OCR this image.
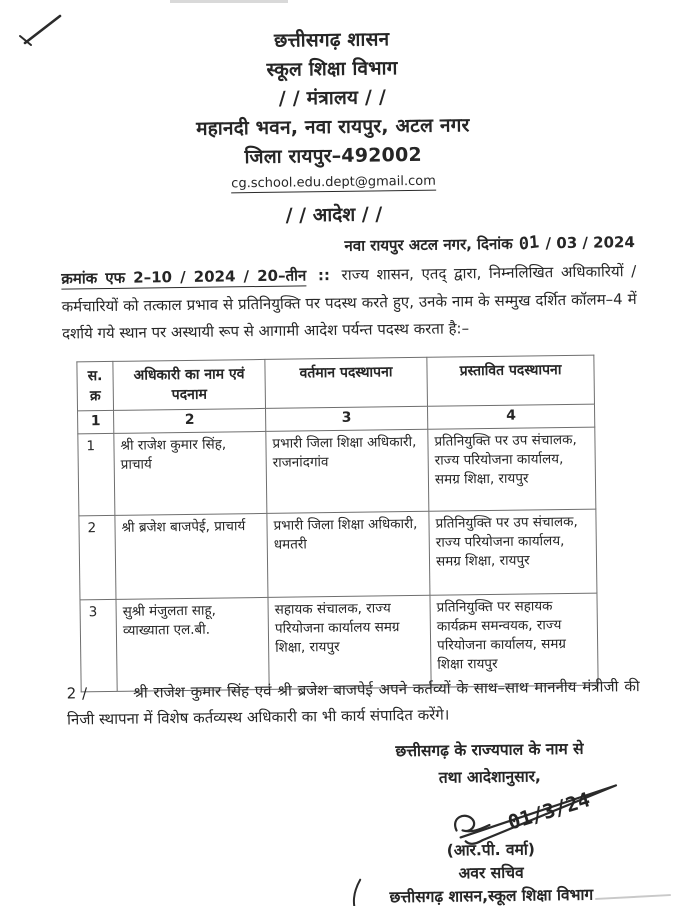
छत्तीसगढ़ शासन
स्कूल शिक्षा विभाग
/ / मंत्रालय / /
महानदी भवन, नवा रायपुर, अटल नगर
जिला रायपुर–492002
cg.school.edu.dept@gmail.com
/ / आदेश / /
नवा रायपुर अटल नगर, दिनांक 01 / 03 / 2024

क्रमांक एफ 2–10 / 2024 / 20–तीन :: राज्य शासन, एतद् द्वारा, निम्नलिखित अधिकारियों / कर्मचारियों को तत्काल प्रभाव से प्रतिनियुक्ति पर पदस्थ करते हुए, उनके नाम के सम्मुख दर्शित कॉलम–4 में दर्शाये गये स्थान पर अस्थायी रूप से आगामी आदेश पर्यन्त पदस्थ करता है:–

स. क्र	अधिकारी का नाम एवं पदनाम	वर्तमान पदस्थापना	प्रस्तावित पदस्थापना
1	2	3	4
1	श्री राजेश कुमार सिंह, प्राचार्य	प्रभारी जिला शिक्षा अधिकारी, राजनांदगांव	प्रतिनियुक्ति पर उप संचालक, राज्य परियोजना कार्यालय, समग्र शिक्षा, रायपुर
2	श्री ब्रजेश बाजपेई, प्राचार्य	प्रभारी जिला शिक्षा अधिकारी, धमतरी	प्रतिनियुक्ति पर उप संचालक, राज्य परियोजना कार्यालय, समग्र शिक्षा, रायपुर
3	सुश्री मंजुलता साहू, व्याख्याता एल.बी.	सहायक संचालक, राज्य परियोजना कार्यालय समग्र शिक्षा, रायपुर	प्रतिनियुक्ति पर सहायक कार्यक्रम समन्वयक, राज्य परियोजना कार्यालय, समग्र शिक्षा रायपुर

2 /	श्री राजेश कुमार सिंह एवं श्री ब्रजेश बाजपेई अपने कर्तव्यों के साथ–साथ माननीय मंत्रीजी की निजी स्थापना में विशेष कर्तव्यस्थ अधिकारी का भी कार्य संपादित करेंगे।

छत्तीसगढ़ के राज्यपाल के नाम से
तथा आदेशानुसार,
01/3/24
(आर.पी. वर्मा)
अवर सचिव
छत्तीसगढ़ शासन,स्कूल शिक्षा विभाग
